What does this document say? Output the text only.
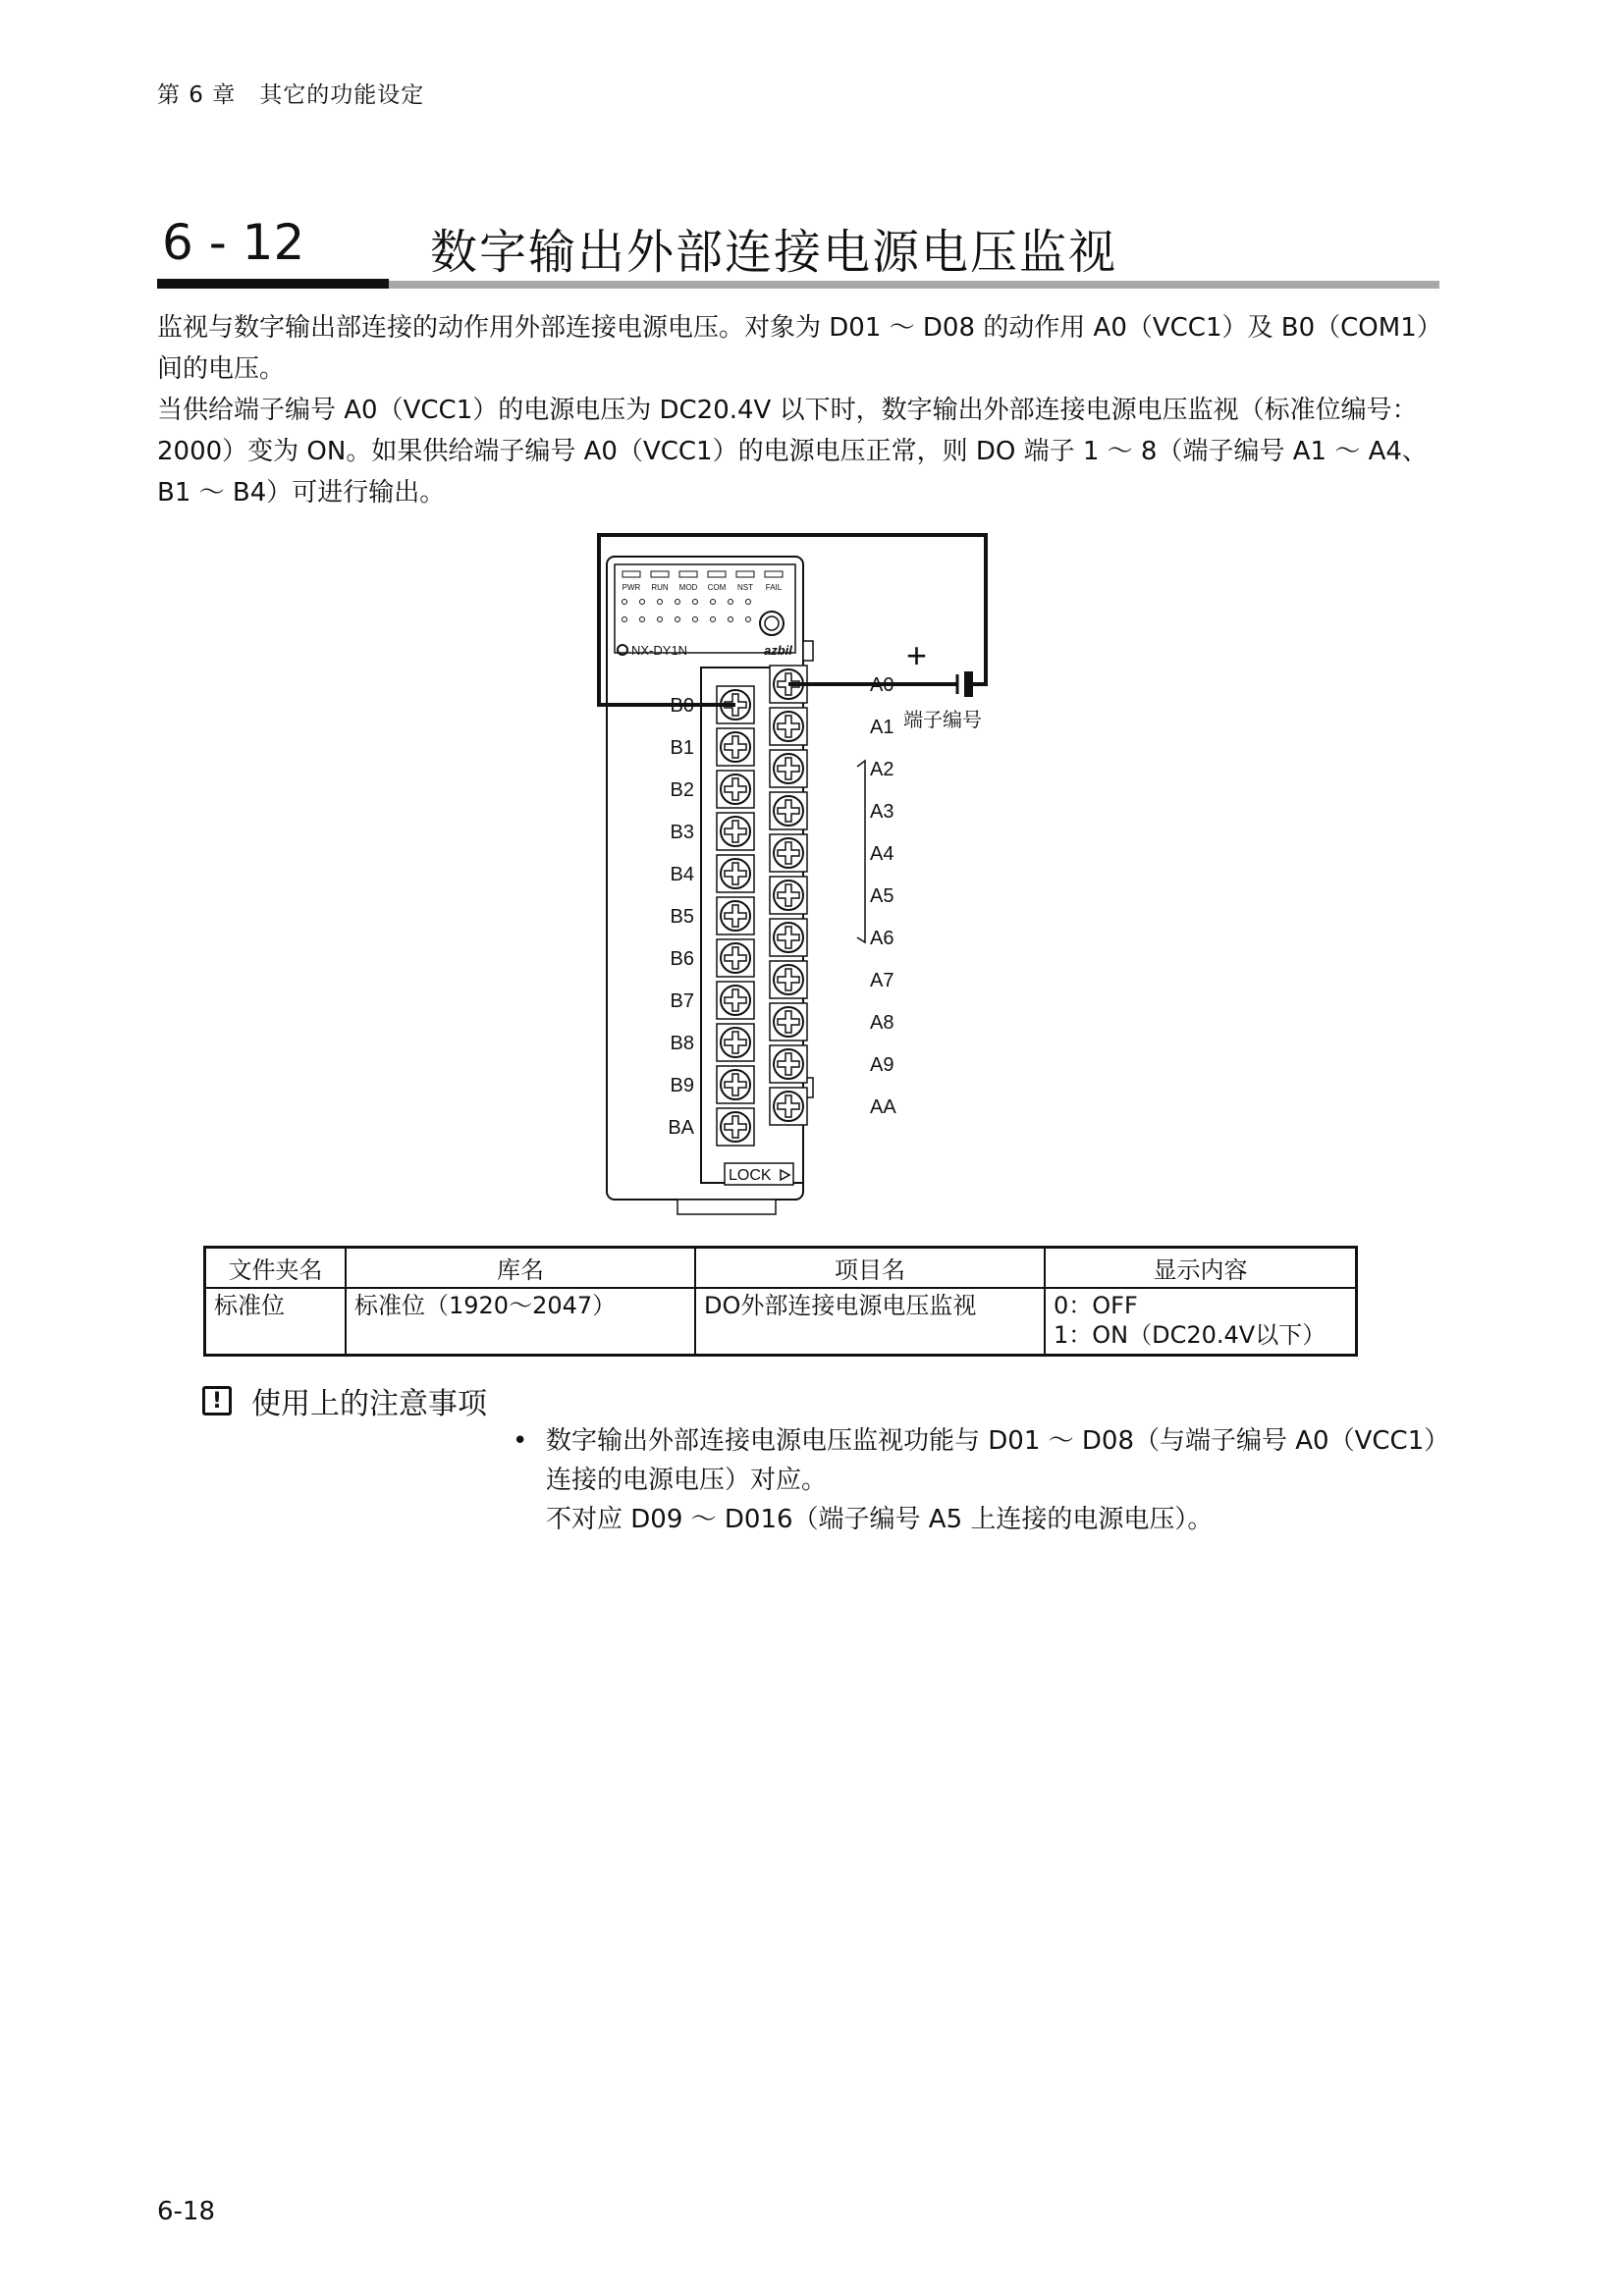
第 6 章　其它的功能设定
6 - 12	数字输出外部连接电源电压监视
监视与数字输出部连接的动作用外部连接电源电压。对象为 D01 ～ D08 的动作用 A0（VCC1）及 B0（COM1）间的电压。
当供给端子编号 A0（VCC1）的电源电压为 DC20.4V 以下时，数字输出外部连接电源电压监视（标准位编号：2000）变为 ON。如果供给端子编号 A0（VCC1）的电源电压正常，则 DO 端子 1 ～ 8（端子编号 A1 ～ A4、B1 ～ B4）可进行输出。
PWR RUN MOD COM NST FAIL
NX-DY1N	azbil
LOCK
+
端子编号
B0
A0
B1
A1
B2
A2
B3
A3
B4
A4
B5
A5
B6
A6
B7
A7
B8
A8
B9
A9
BA
AA
文件夹名	库名	项目名	显示内容
标准位	标准位（1920～2047）	DO外部连接电源电压监视	0：OFF
1：ON（DC20.4V以下）
! 使用上的注意事项
• 数字输出外部连接电源电压监视功能与 D01 ～ D08（与端子编号 A0（VCC1）连接的电源电压）对应。
不对应 D09 ～ D016（端子编号 A5 上连接的电源电压）。
6-18
